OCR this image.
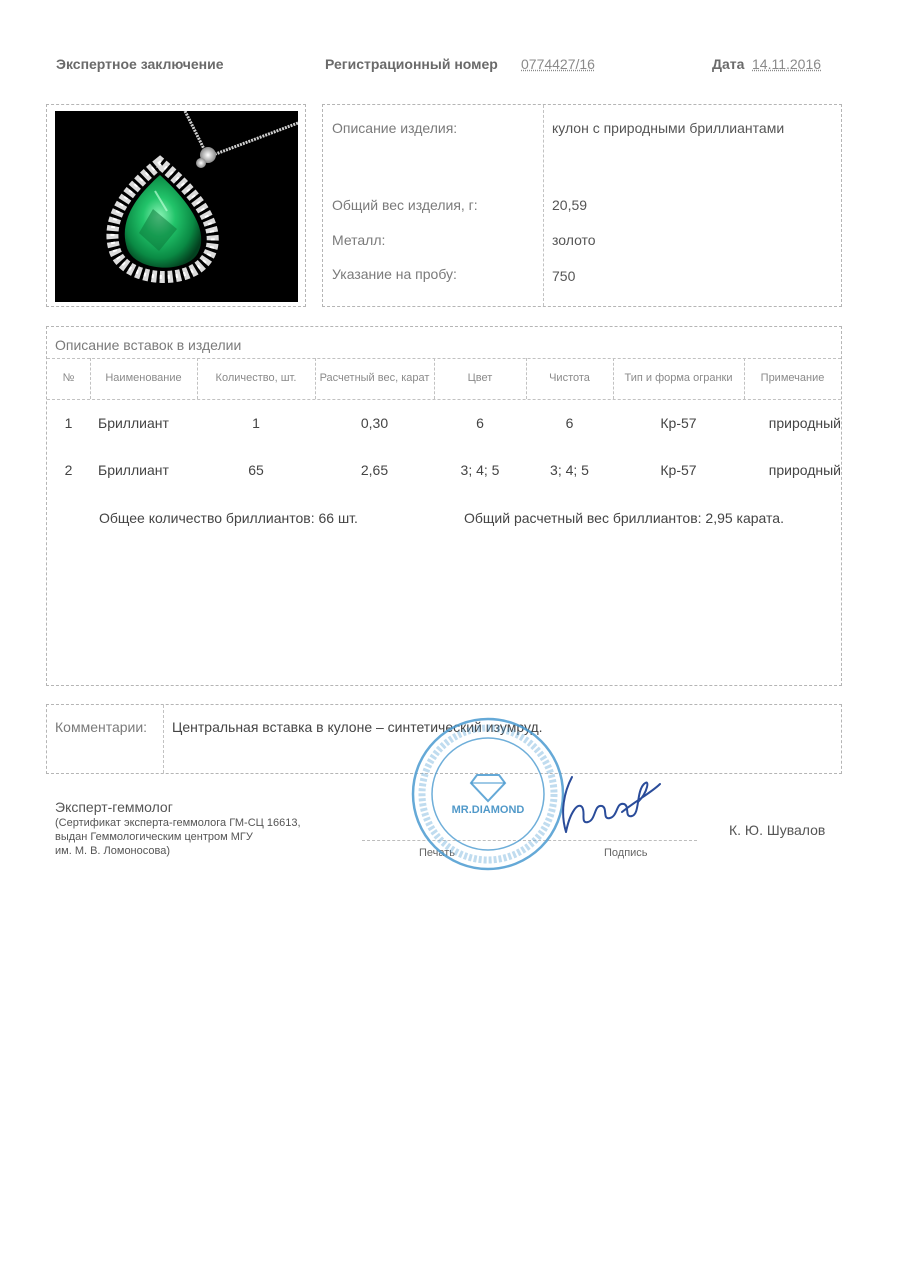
Экспертное заключение	Регистрационный номер 0774427/16	Дата 14.11.2016
Описание изделия:	кулон с природными бриллиантами
Общий вес изделия, г:	20,59
Металл:	золото
Указание на пробу:	750
Описание вставок в изделии
№	Наименование	Количество, шт.	Расчетный вес, карат	Цвет	Чистота	Тип и форма огранки	Примечание
1	Бриллиант	1	0,30	6	6	Кр-57	природный
2	Бриллиант	65	2,65	3; 4; 5	3; 4; 5	Кр-57	природный
Общее количество бриллиантов: 66 шт.	Общий расчетный вес бриллиантов: 2,95 карата.
Комментарии: Центральная вставка в кулоне – синтетический изумруд.
Эксперт-геммолог
(Сертификат эксперта-геммолога ГМ-СЦ 16613,
выдан Геммологическим центром МГУ
им. М. В. Ломоносова)	Печать	Подпись
К. Ю. Шувалов
MR.DIAMOND
